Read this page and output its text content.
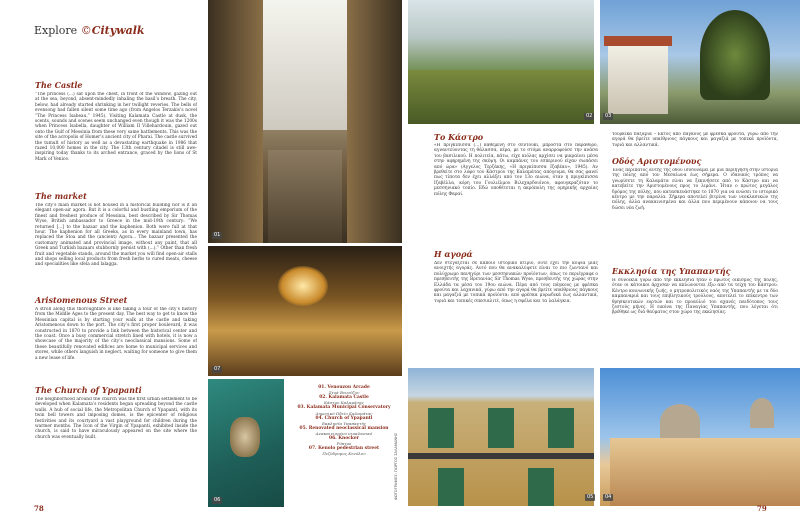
Explore ©Citywalk
The Castle
“The princess (...) sat upon the chest, in front of the window, gazing out at the sea, beyond, absent-mindedly inhaling the basil’s breath. The city, below, had already started shrinking in her twilight reveries. The bells of evensong had fallen silent some time ago (from Angelos Terzakis’s novel “The Princess Isabeau,” 1945). Visiting Kalamata Castle at dusk, the scents, sounds and scenes seem unchanged even though it was the 1200s when Princess Isabella, daughter of William II Villehardouin, gazed out onto the Gulf of Messinia from these very same battlements. This was the site of the acropolis of Homer’s ancient city of Pharai. The castle survived the tumult of history as well as a devastating earthquake in 1986 that razed 10,000 homes in the city. The 13th century citadel is still awe-inspiring today thanks to its arched entrance, graced by the lions of St Mark of Venice.
The market
The city’s main market is not housed in a historical building nor is it an elegant open-air agora. But it is a colorful and bustling emporium of the finest and freshest produce of Messinia, best described by Sir Thomas Wyse, British ambassador to Greece in the mid-19th century: “We returned [...] to the bazaar and the kaphenion. Both were full at that hour. The kaphenion for all Greeks, as in every mainland town, has replaced the Stoa and the (ancient) Agora... The bazaar presented the customary animated and provincial image, without any paint, that all Greek and Turkish bazaars stubbornly persist with (...).” Other than fresh fruit and vegetable stands, around the market you will find open-air stalls and shops selling local products from fresh herbs to cured meats, cheese and specialities like sfela and lalagga.
Aristomenous Street
A stroll along this thoroughfare is like taking a tour of the city’s history from the Middle Ages to the present day. The best way to get to know the Messinian capital is by starting your walk at the castle and taking Aristomenous down to the port. The city’s first proper boulevard, it was constructed in 1870 to provide a link between the historical center and the coast. Once a busy commercial stretch lined with hotels, it is now a showcase of the majority of the city’s neoclassical mansions. Some of these beautifully renovated edifices are home to municipal services and stores, while others languish in neglect, waiting for someone to give them a new lease of life.
The Church of Ypapanti
The neighborhood around the church was the first urban settlement to be developed when Kalamata’s residents began spreading beyond the castle walls. A hub of social life, the Metropolitan Church of Ypapanti, with its twin bell towers and imposing domes, is the epicenter of religious festivities and its courtyard a vast playground for children during the warmer months. The Icon of the Virgin of Ypapanti, exhibited inside the church, is said to have miraculously appeared on the site where the church was eventually built.
78
01
07
06
01. Venouzou Arcade
Στοά Βενούζου
02. Kalamata Castle
Κάστρο Καλαμάτας
03. Kalamata Municipal Conservatory
Δημοτικό Ωδείο Καλαμάτας
04. Church of Ypapanti
Εκκλησία Υπαπαντής
05. Renovated neoclassical mansion
Ανακαινισμένο νεοκλασικό
06. Knocker
Ρόπτρο
07. Kenolo pedestrian street
Πεζόδρομος Κενόλου
02	03
Το Κάστρο
«Η πριγκίπισσα (...) καθέμενη στο σεντούκι, μπροστά στο παράθυρο, αγναντεύοντας τη θάλασσα, πέρα, με το στόμα αναρροφούσε την ανάσα του βασιλικού. Η πολιτεία, κάτω, είχε κιόλας αρχίσει να μικραίνει μέσα στην αφηρημένη της σκέψη. Οι καμπάνες του εσπερινού είχαν σωπάσει από ώρα» (Αγγελος Τερζάκης, «Η πριγκίπισσα Ιζαβέαυ», 1945). Αν βρεθείτε στο λόφο του Κάστρου της Καλαμάτας απόγευμα, θα σας φανεί πως τίποτα δεν έχει αλλάξει από τον 13ο αιώνα, όταν η πριγκίπισσα Ιζαβέλλα, κόρη του Γουλιέλμου Βιλεχαρδουϊνου, αφουγκραζόταν το μεσσηνιακό τοπίο. Εδώ υποθέτεται η ακρόπολη της ομηρικής αρχαίας πόλης Φαραί.
Η αγορά
Δεν στεγάζεται σε κάποιο ιστορικό κτίριο, ούτε έχει την κοψιά μιας ανοιχτής αγοράς. Αυτό που θα ανακαλύψετε είναι το πιο ζωντανό και πολύχρωμο πανηγύρι των μεσσηνιακών προϊόντων, όπως το περιέγραφε ο πρεσβευτής της Βρετανίας Sir Thomas Wyse, πρεσβευτής της χώρας στην Ελλάδα τα μέσα του 19ου αιώνα. Πέρα από τους πάγκους με φρέσκα φρούτα και λαχανικά, γύρω από την αγορά θα βρείτε υπαίθριους πάγκους και μαγαζιά με τοπικά προϊόντα: από φρέσκα μυρωδικά έως αλλαντικά, τυριά και τοπικές σπεσιαλιτέ, όπως η σφέλα και τα λαλάγκια.
τουρκικά παζάρια – Εκτός από πάγκους με φρέσκα φρούτα, γύρω από την αγορά θα βρείτε υπαίθριους πάγκους και μαγαζιά με τοπικά προϊόντα, τυριά και αλλαντικά.
Οδός Αριστομένους
Ένας περίπατος αυτής της οδού ισοδυναμεί με μια περιήγηση στην ιστορία της πόλης από τον Μεσαίωνα έως σήμερα. Ο ιδανικός τρόπος να γνωρίσετε τη Καλαμάτα είναι να ξεκινήσετε από το Κάστρο και να κατεβείτε την Αριστομένους προς το λιμάνι. Ήταν ο πρώτος μεγάλος δρόμος της πόλης, που κατασκευάστηκε το 1870 για να ενώσει το ιστορικό κέντρο με την παραλία. Σήμερα αποτελεί βιτρίνα των νεοκλασικών της πόλης, άλλα ανακαινισμένα και άλλα που περιμένουν κάποιον να τους δώσει νέα ζωή.
Εκκλησία της Υπαπαντής
Η συνοικία γύρω από την εκκλησία ήταν ο πρώτος οικισμός της πόλης, όταν οι κάτοικοι άρχισαν να απλώνονται έξω από τα τείχη του Κάστρου. Κέντρο κοινωνικής ζωής, ο μητροπολιτικός ναός της Υπαπαντής με τα δύο καμπαναριά και τους επιβλητικούς τρούλους, αποτελεί το επίκεντρο των θρησκευτικών εορτών και το προαύλιό του αχανές παιδότοπος τους ζεστούς μήνες. Η εικόνα της Παναγίας Υπαπαντής, που λέγεται ότι βρέθηκε ως διά θαύματος στον χώρο της εκκλησίας.
05
ΦΩΤΟΓΡΑΦΙΕΣ: ΓΙΩΡΓΟΣ ΣΑΛΑΜΑΝΗΣ	04
79
